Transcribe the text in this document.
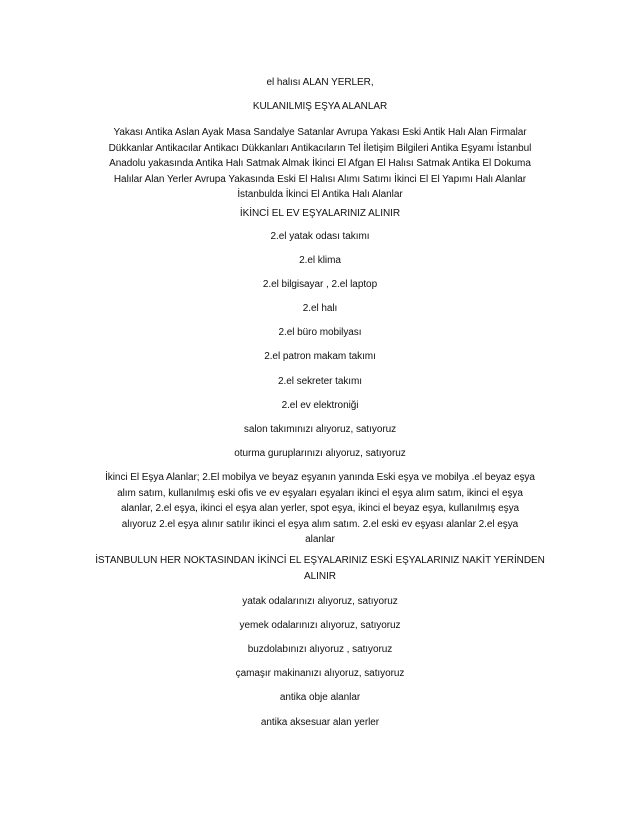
el halısı ALAN YERLER,
KULANILMIŞ EŞYA ALANLAR
Yakası Antika Aslan Ayak Masa Sandalye Satanlar Avrupa Yakası Eski Antik Halı Alan Firmalar
Dükkanlar Antikacılar Antikacı Dükkanları Antikacıların Tel İletişim Bilgileri Antika Eşyamı İstanbul
Anadolu yakasında Antika Halı Satmak Almak İkinci El Afgan El Halısı Satmak Antika El Dokuma
Halılar Alan Yerler Avrupa Yakasında Eski El Halısı Alımı Satımı İkinci El El Yapımı Halı Alanlar
İstanbulda İkinci El Antika Halı Alanlar
İKİNCİ EL EV EŞYALARINIZ ALINIR
2.el yatak odası takımı
2.el klima
2.el bilgisayar , 2.el laptop
2.el halı
2.el büro mobilyası
2.el patron makam takımı
2.el sekreter takımı
2.el ev elektroniği
salon takımınızı alıyoruz, satıyoruz
oturma guruplarınızı alıyoruz, satıyoruz
İkinci El Eşya Alanlar; 2.El mobilya ve beyaz eşyanın yanında Eski eşya ve mobilya .el beyaz eşya
alım satım, kullanılmış eski ofis ve ev eşyaları eşyaları ikinci el eşya alım satım, ikinci el eşya
alanlar, 2.el eşya, ikinci el eşya alan yerler, spot eşya, ikinci el beyaz eşya, kullanılmış eşya
alıyoruz 2.el eşya alınır satılır ikinci el eşya alım satım. 2.el eski ev eşyası alanlar 2.el eşya
alanlar
İSTANBULUN HER NOKTASINDAN İKİNCİ EL EŞYALARINIZ ESKİ EŞYALARINIZ NAKİT YERİNDEN
ALINIR
yatak odalarınızı alıyoruz, satıyoruz
yemek odalarınızı alıyoruz, satıyoruz
buzdolabınızı alıyoruz , satıyoruz
çamaşır makinanızı alıyoruz, satıyoruz
antika obje alanlar
antika aksesuar alan yerler
